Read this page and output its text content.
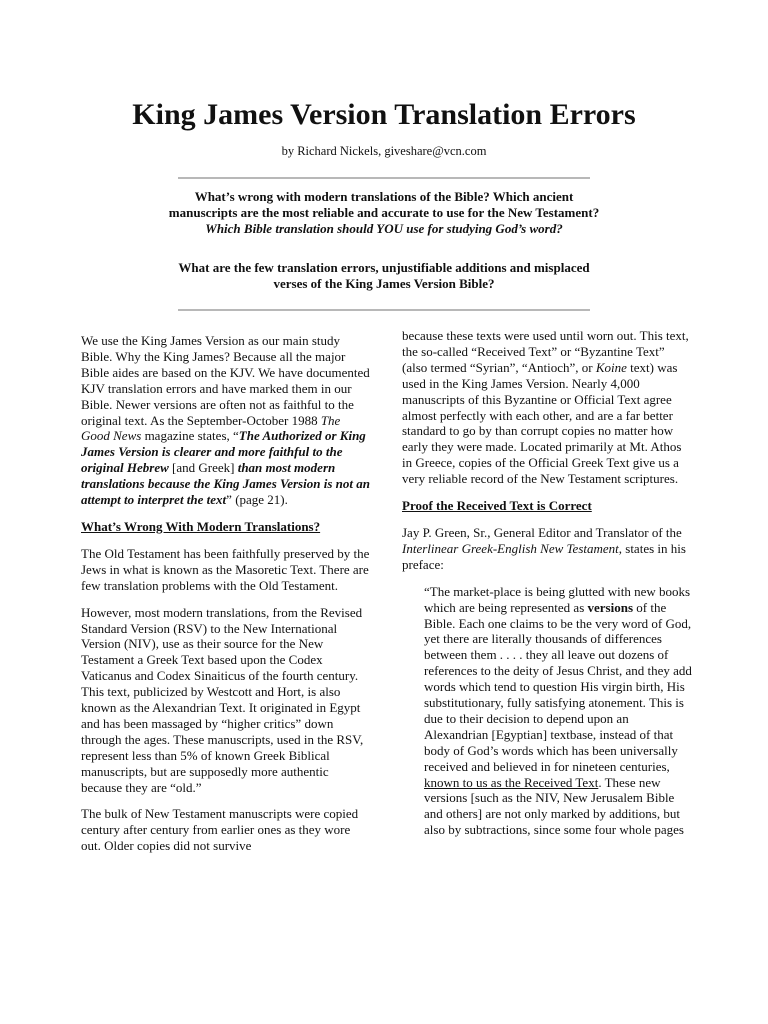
King James Version Translation Errors
by Richard Nickels, giveshare@vcn.com
What’s wrong with modern translations of the Bible? Which ancient
manuscripts are the most reliable and accurate to use for the New Testament?
Which Bible translation should YOU use for studying God’s word?
What are the few translation errors, unjustifiable additions and misplaced
verses of the King James Version Bible?

We use the King James Version as our main study Bible. Why the King James? Because all the major Bible aides are based on the KJV. We have documented KJV translation errors and have marked them in our Bible. Newer versions are often not as faithful to the original text. As the September-October 1988 The Good News magazine states, “The Authorized or King James Version is clearer and more faithful to the original Hebrew [and Greek] than most modern translations because the King James Version is not an attempt to interpret the text” (page 21).

What’s Wrong With Modern Translations?

The Old Testament has been faithfully preserved by the Jews in what is known as the Masoretic Text. There are few translation problems with the Old Testament.

However, most modern translations, from the Revised Standard Version (RSV) to the New International Version (NIV), use as their source for the New Testament a Greek Text based upon the Codex Vaticanus and Codex Sinaiticus of the fourth century. This text, publicized by Westcott and Hort, is also known as the Alexandrian Text. It originated in Egypt and has been massaged by “higher critics” down through the ages. These manuscripts, used in the RSV, represent less than 5% of known Greek Biblical manuscripts, but are supposedly more authentic because they are “old.”

The bulk of New Testament manuscripts were copied century after century from earlier ones as they wore out. Older copies did not survive

because these texts were used until worn out. This text, the so-called “Received Text” or “Byzantine Text” (also termed “Syrian”, “Antioch”, or Koine text) was used in the King James Version. Nearly 4,000 manuscripts of this Byzantine or Official Text agree almost perfectly with each other, and are a far better standard to go by than corrupt copies no matter how early they were made. Located primarily at Mt. Athos in Greece, copies of the Official Greek Text give us a very reliable record of the New Testament scriptures.

Proof the Received Text is Correct

Jay P. Green, Sr., General Editor and Translator of the Interlinear Greek-English New Testament, states in his preface:

“The market-place is being glutted with new books which are being represented as versions of the Bible. Each one claims to be the very word of God, yet there are literally thousands of differences between them . . . . they all leave out dozens of references to the deity of Jesus Christ, and they add words which tend to question His virgin birth, His substitutionary, fully satisfying atonement. This is due to their decision to depend upon an Alexandrian [Egyptian] textbase, instead of that body of God’s words which has been universally received and believed in for nineteen centuries, known to us as the Received Text. These new versions [such as the NIV, New Jerusalem Bible and others] are not only marked by additions, but also by subtractions, since some four whole pages
